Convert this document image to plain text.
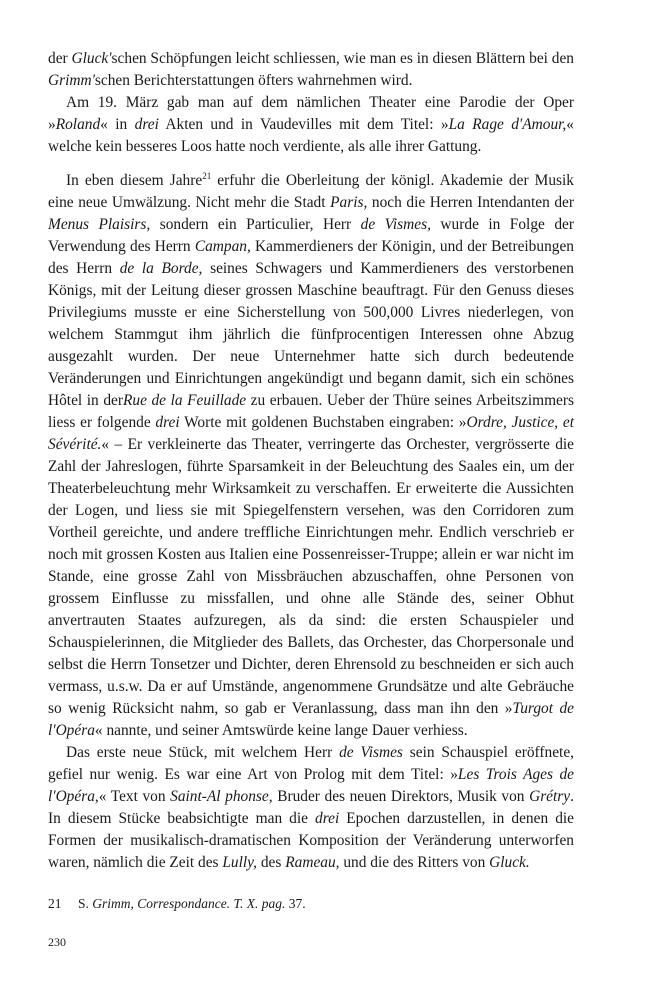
der Gluck'schen Schöpfungen leicht schliessen, wie man es in diesen Blättern bei den Grimm'schen Berichterstattungen öfters wahrnehmen wird.

Am 19. März gab man auf dem nämlichen Theater eine Parodie der Oper »Roland« in drei Akten und in Vaudevilles mit dem Titel: »La Rage d'Amour,« welche kein besseres Loos hatte noch verdiente, als alle ihrer Gattung.

In eben diesem Jahre$^{21}$ erfuhr die Oberleitung der königl. Akademie der Musik eine neue Umwälzung. Nicht mehr die Stadt Paris, noch die Herren Intendanten der Menus Plaisirs, sondern ein Particulier, Herr de Vismes, wurde in Folge der Verwendung des Herrn Campan, Kammerdieners der Königin, und der Betreibungen des Herrn de la Borde, seines Schwagers und Kammerdieners des verstorbenen Königs, mit der Leitung dieser grossen Maschine beauftragt. Für den Genuss dieses Privilegiums musste er eine Sicherstellung von 500,000 Livres niederlegen, von welchem Stammgut ihm jährlich die fünfprocentigen Interessen ohne Abzug ausgezahlt wurden. Der neue Unternehmer hatte sich durch bedeutende Veränderungen und Einrichtungen angekündigt und begann damit, sich ein schönes Hôtel in derRue de la Feuillade zu erbauen. Ueber der Thüre seines Arbeitszimmers liess er folgende drei Worte mit goldenen Buchstaben eingraben: »Ordre, Justice, et Sévérité.« – Er verkleinerte das Theater, verringerte das Orchester, vergrösserte die Zahl der Jahreslogen, führte Sparsamkeit in der Beleuchtung des Saales ein, um der Theaterbeleuchtung mehr Wirksamkeit zu verschaffen. Er erweiterte die Aussichten der Logen, und liess sie mit Spiegelfenstern versehen, was den Corridoren zum Vortheil gereichte, und andere treffliche Einrichtungen mehr. Endlich verschrieb er noch mit grossen Kosten aus Italien eine Possenreisser-Truppe; allein er war nicht im Stande, eine grosse Zahl von Missbräuchen abzuschaffen, ohne Personen von grossem Einflusse zu missfallen, und ohne alle Stände des, seiner Obhut anvertrauten Staates aufzuregen, als da sind: die ersten Schauspieler und Schauspielerinnen, die Mitglieder des Ballets, das Orchester, das Chorpersonale und selbst die Herrn Tonsetzer und Dichter, deren Ehrensold zu beschneiden er sich auch vermass, u.s.w. Da er auf Umstände, angenommene Grundsätze und alte Gebräuche so wenig Rücksicht nahm, so gab er Veranlassung, dass man ihn den »Turgot de l'Opéra« nannte, und seiner Amtswürde keine lange Dauer verhiess.

Das erste neue Stück, mit welchem Herr de Vismes sein Schauspiel eröffnete, gefiel nur wenig. Es war eine Art von Prolog mit dem Titel: »Les Trois Ages de l'Opéra,« Text von Saint-Al phonse, Bruder des neuen Direktors, Musik von Grétry. In diesem Stücke beabsichtigte man die drei Epochen darzustellen, in denen die Formen der musikalisch-dramatischen Komposition der Veränderung unterworfen waren, nämlich die Zeit des Lully, des Rameau, und die des Ritters von Gluck.

21 S. Grimm, Correspondance. T. X. pag. 37.
230
